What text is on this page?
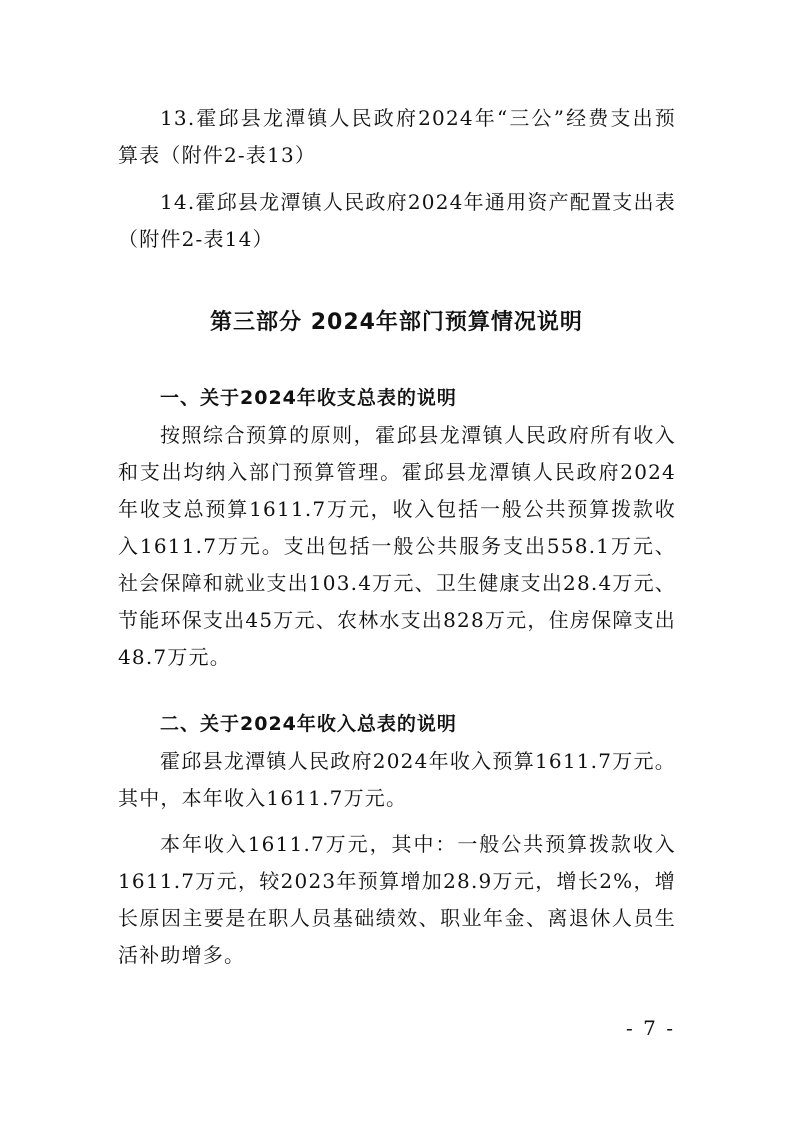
13.霍邱县龙潭镇人民政府2024年“三公”经费支出预算表（附件2-表13）

14.霍邱县龙潭镇人民政府2024年通用资产配置支出表（附件2-表14）

第三部分 2024年部门预算情况说明
一、关于2024年收支总表的说明

按照综合预算的原则，霍邱县龙潭镇人民政府所有收入和支出均纳入部门预算管理。霍邱县龙潭镇人民政府2024年收支总预算1611.7万元，收入包括一般公共预算拨款收入1611.7万元。支出包括一般公共服务支出558.1万元、社会保障和就业支出103.4万元、卫生健康支出28.4万元、节能环保支出45万元、农林水支出828万元，住房保障支出48.7万元。

二、关于2024年收入总表的说明

霍邱县龙潭镇人民政府2024年收入预算1611.7万元。其中，本年收入1611.7万元。

本年收入1611.7万元，其中：一般公共预算拨款收入1611.7万元，较2023年预算增加28.9万元，增长2%，增长原因主要是在职人员基础绩效、职业年金、离退休人员生活补助增多。

- 7 -
